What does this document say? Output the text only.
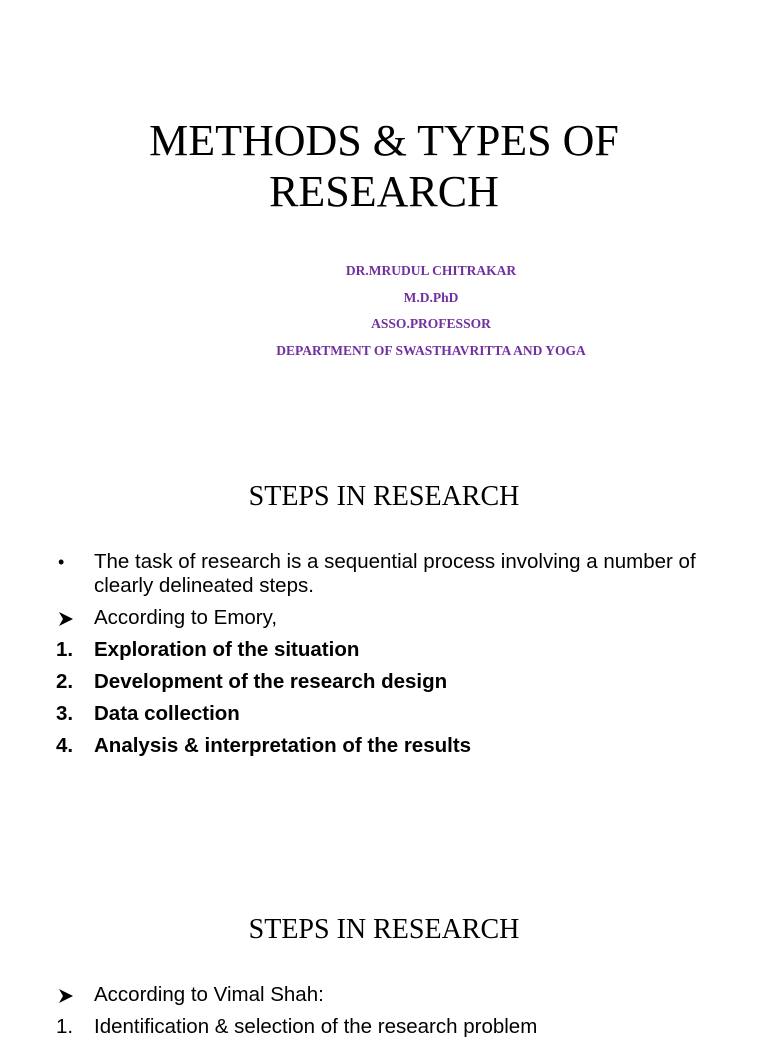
METHODS & TYPES OF
RESEARCH
DR.MRUDUL CHITRAKAR
M.D.PhD
ASSO.PROFESSOR
DEPARTMENT OF SWASTHAVRITTA AND YOGA
STEPS IN RESEARCH
•	The task of research is a sequential process involving a number of clearly delineated steps.
According to Emory,
1.	Exploration of the situation
2.	Development of the research design
3.	Data collection
4.	Analysis & interpretation of the results
STEPS IN RESEARCH
According to Vimal Shah:
1.	Identification & selection of the research problem
